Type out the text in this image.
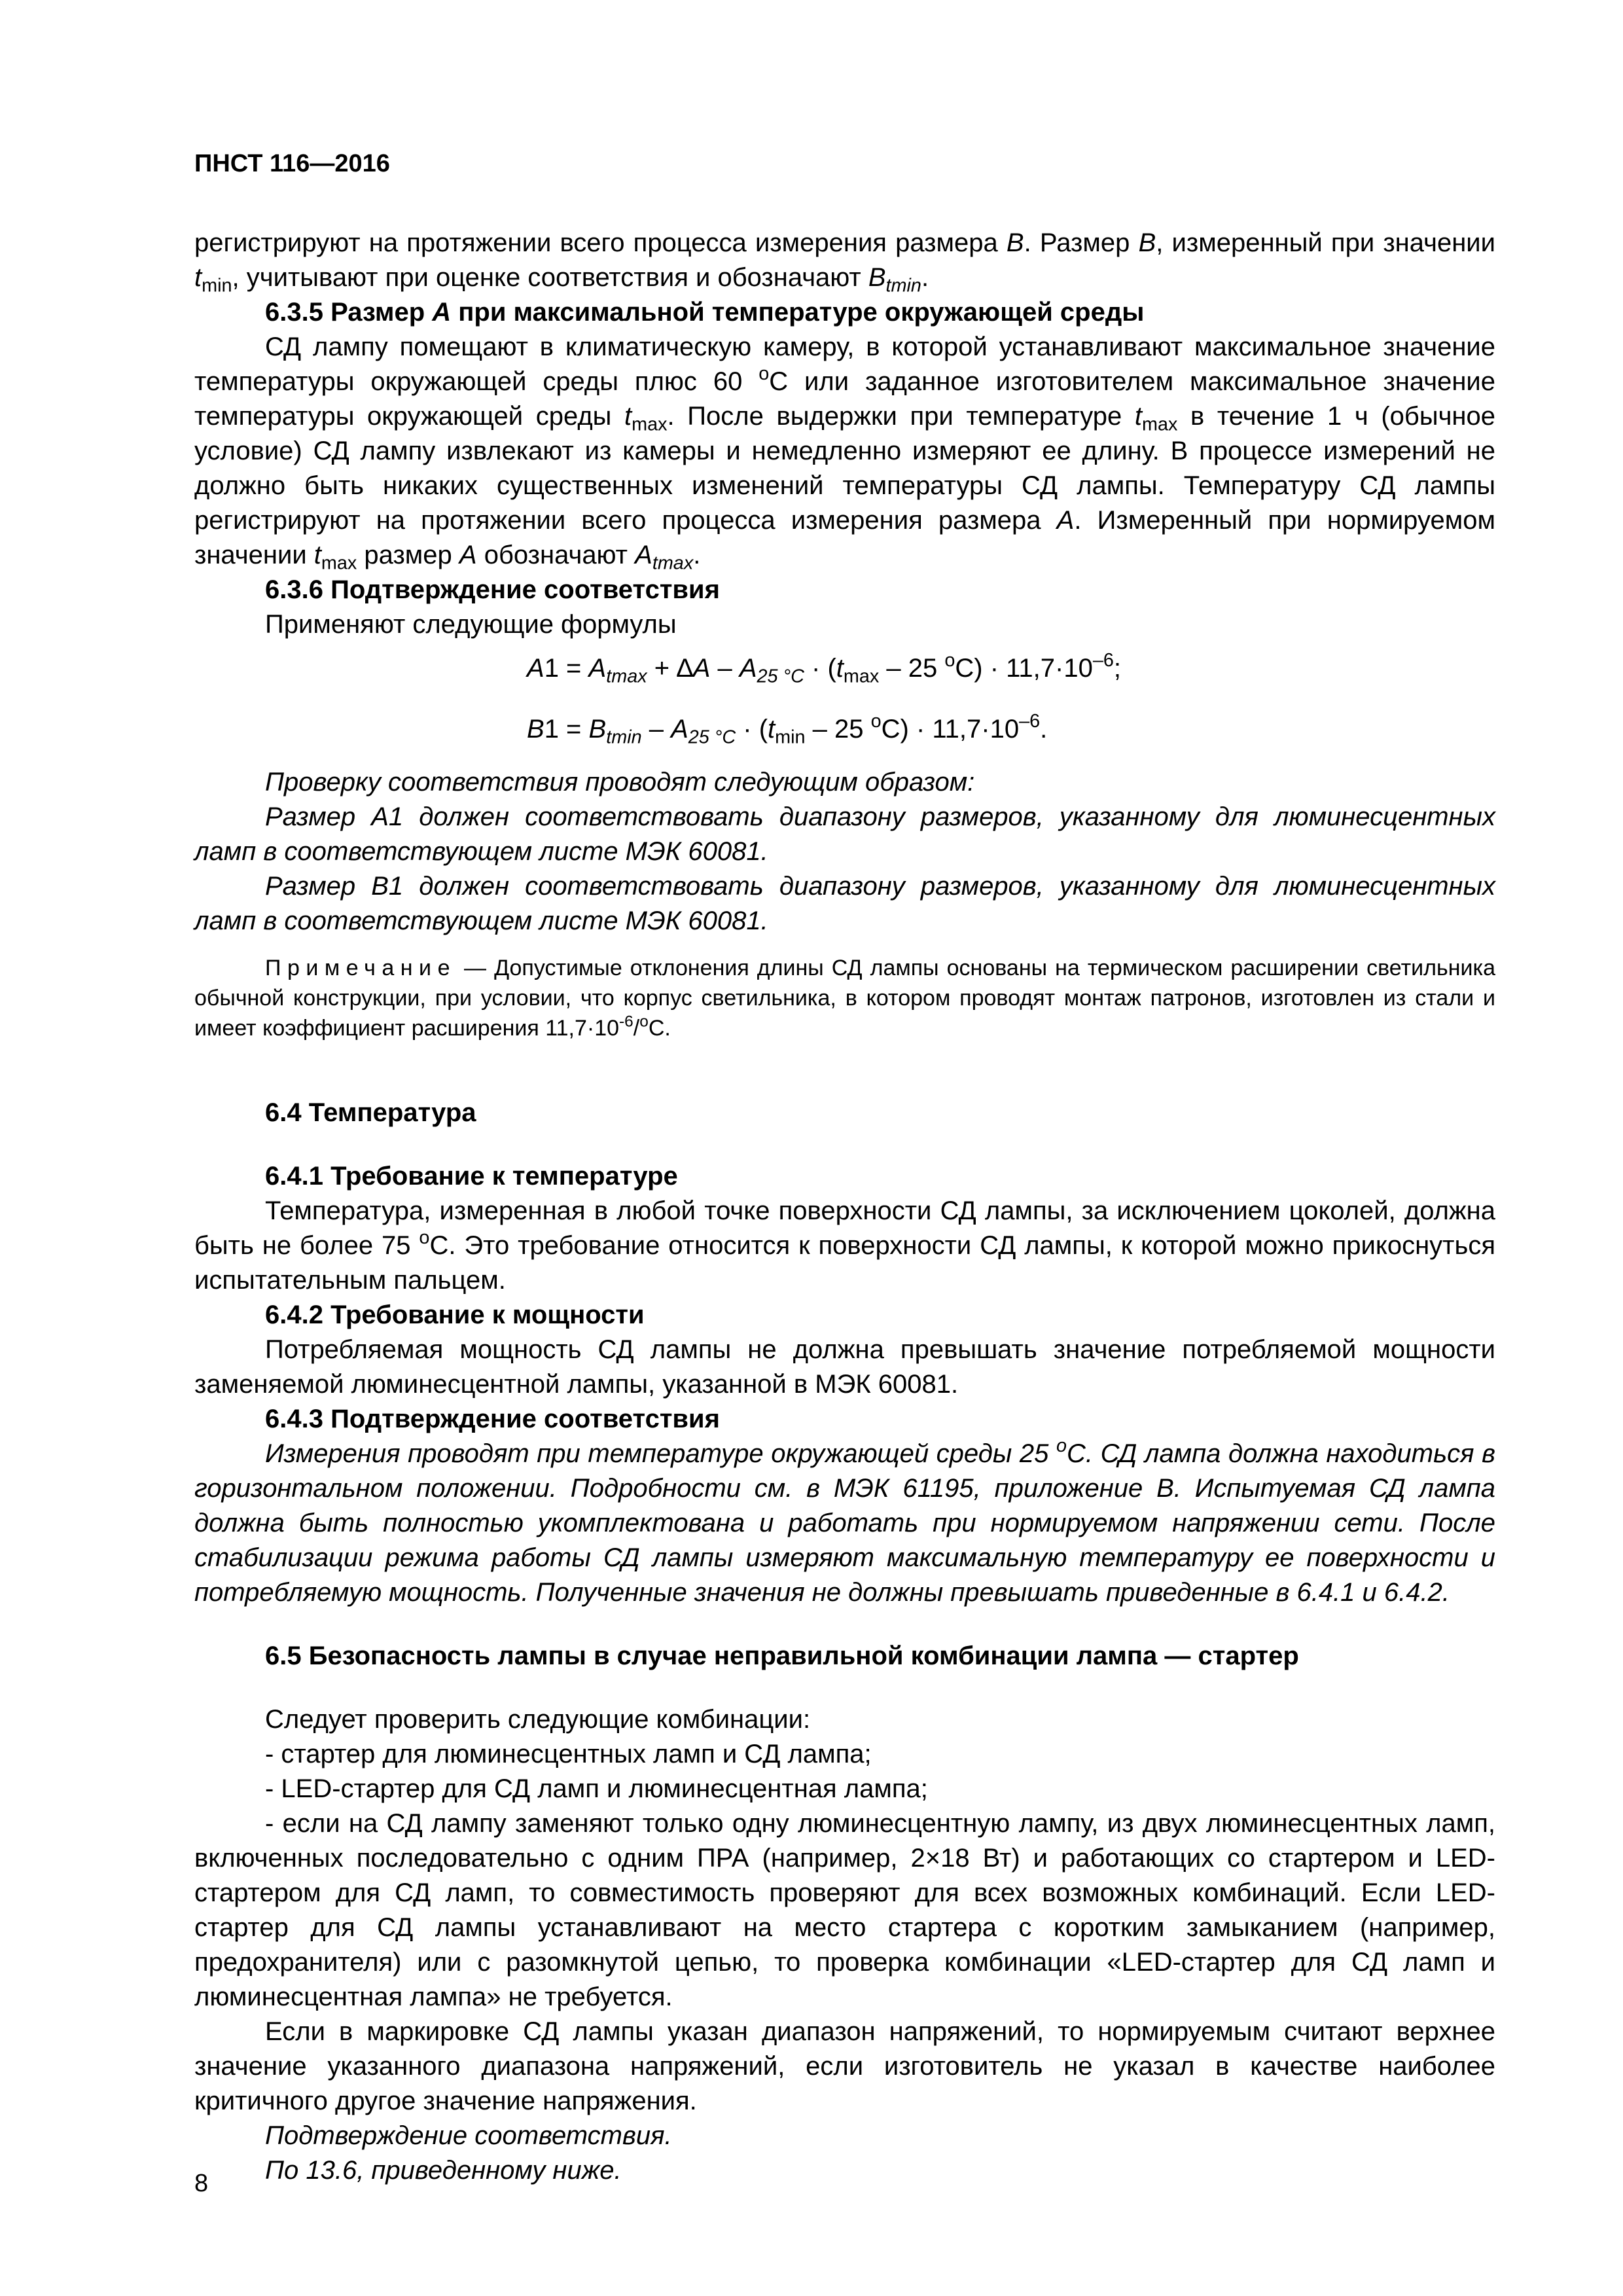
ПНСТ 116—2016

регистрируют на протяжении всего процесса измерения размера B. Размер B, измеренный при значении $t_{min}$, учитывают при оценке соответствия и обозначают $B_{tmin}$.

6.3.5 Размер A при максимальной температуре окружающей среды

СД лампу помещают в климатическую камеру, в которой устанавливают максимальное значение температуры окружающей среды плюс 60 $^o$С или заданное изготовителем максимальное значение температуры окружающей среды $t_{max}$. После выдержки при температуре $t_{max}$ в течение 1 ч (обычное условие) СД лампу извлекают из камеры и немедленно измеряют ее длину. В процессе измерений не должно быть никаких существенных изменений температуры СД лампы. Температуру СД лампы регистрируют на протяжении всего процесса измерения размера A. Измеренный при нормируемом значении $t_{max}$ размер A обозначают $A_{tmax}$.

6.3.6 Подтверждение соответствия

Применяют следующие формулы

$A1 = A_{tmax} + \Delta A - A_{25 ^\circ C} \cdot (t_{max} - 25$ $^oC) \cdot 11,7\cdot 10^{-6}$;

$B1 = B_{tmin} - A_{25 ^\circ C} \cdot (t_{min} - 25$ $^oC) \cdot 11,7\cdot 10^{-6}$.

Проверку соответствия проводят следующим образом:

Размер A1 должен соответствовать диапазону размеров, указанному для люминесцентных ламп в соответствующем листе МЭК 60081.

Размер B1 должен соответствовать диапазону размеров, указанному для люминесцентных ламп в соответствующем листе МЭК 60081.

Примечание — Допустимые отклонения длины СД лампы основаны на термическом расширении светильника обычной конструкции, при условии, что корпус светильника, в котором проводят монтаж патронов, изготовлен из стали и имеет коэффициент расширения $11,7\cdot 10^{-6}/^oC$.

6.4 Температура

6.4.1 Требование к температуре

Температура, измеренная в любой точке поверхности СД лампы, за исключением цоколей, должна быть не более 75 $^o$С. Это требование относится к поверхности СД лампы, к которой можно прикоснуться испытательным пальцем.

6.4.2 Требование к мощности

Потребляемая мощность СД лампы не должна превышать значение потребляемой мощности заменяемой люминесцентной лампы, указанной в МЭК 60081.

6.4.3 Подтверждение соответствия

Измерения проводят при температуре окружающей среды 25 $^o$С. СД лампа должна находиться в горизонтальном положении. Подробности см. в МЭК 61195, приложение В. Испытуемая СД лампа должна быть полностью укомплектована и работать при нормируемом напряжении сети. После стабилизации режима работы СД лампы измеряют максимальную температуру ее поверхности и потребляемую мощность. Полученные значения не должны превышать приведенные в 6.4.1 и 6.4.2.

6.5 Безопасность лампы в случае неправильной комбинации лампа — стартер

Следует проверить следующие комбинации:

- стартер для люминесцентных ламп и СД лампа;

- LED-стартер для СД ламп и люминесцентная лампа;

- если на СД лампу заменяют только одну люминесцентную лампу, из двух люминесцентных ламп, включенных последовательно с одним ПРА (например, 2×18 Вт) и работающих со стартером и LED-стартером для СД ламп, то совместимость проверяют для всех возможных комбинаций. Если LED-стартер для СД лампы устанавливают на место стартера с коротким замыканием (например, предохранителя) или с разомкнутой цепью, то проверка комбинации «LED-стартер для СД ламп и люминесцентная лампа» не требуется.

Если в маркировке СД лампы указан диапазон напряжений, то нормируемым считают верхнее значение указанного диапазона напряжений, если изготовитель не указал в качестве наиболее критичного другое значение напряжения.

Подтверждение соответствия.

По 13.6, приведенному ниже.

8
